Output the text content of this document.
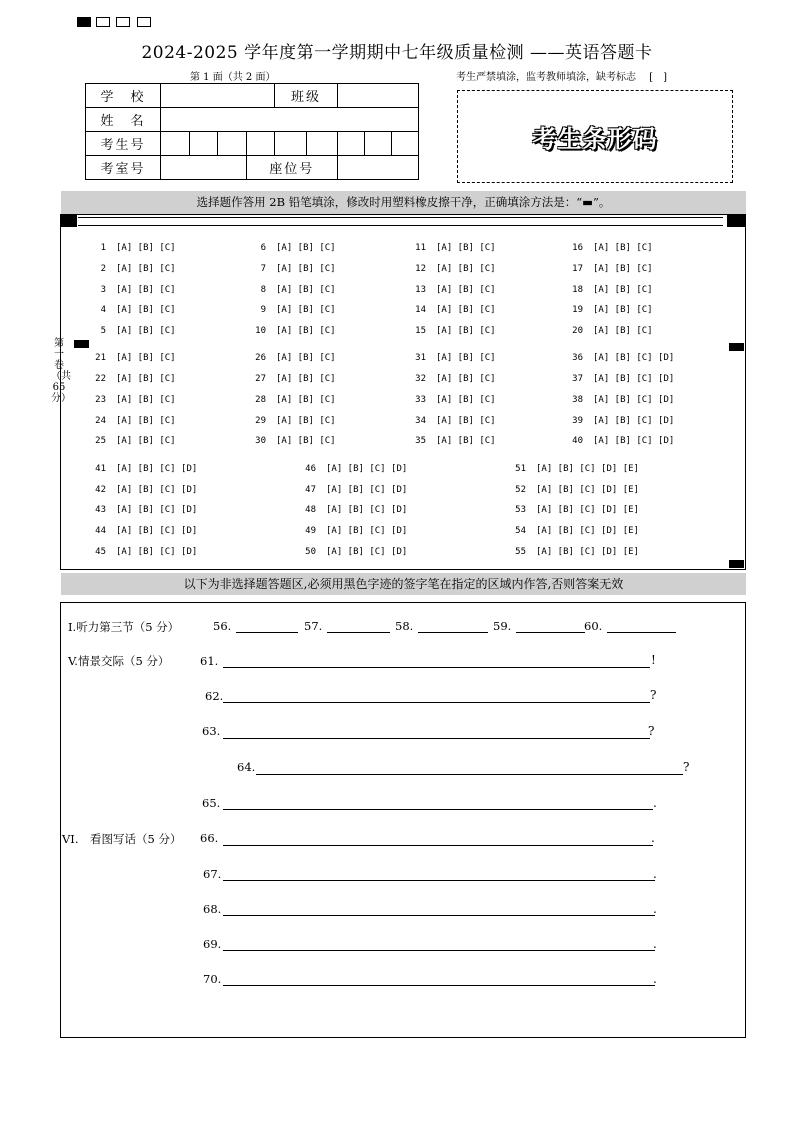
2024-2025 学年度第一学期期中七年级质量检测 ——英语答题卡
第 1 面（共 2 面）	考生严禁填涂，监考教师填涂，缺考标志　 [　]
学　校					班级				
姓　名									
考生号									
考室号				座位号					
考生条形码
选择题作答用 2B 铅笔填涂，修改时用塑料橡皮擦干净，正确填涂方法是：“▬”。
第一卷（共65分）
1 [A] [B] [C]
2 [A] [B] [C]
3 [A] [B] [C]
4 [A] [B] [C]
5 [A] [B] [C]
6 [A] [B] [C]
7 [A] [B] [C]
8 [A] [B] [C]
9 [A] [B] [C]
10 [A] [B] [C]
11 [A] [B] [C]
12 [A] [B] [C]
13 [A] [B] [C]
14 [A] [B] [C]
15 [A] [B] [C]
16 [A] [B] [C]
17 [A] [B] [C]
18 [A] [B] [C]
19 [A] [B] [C]
20 [A] [B] [C]
21 [A] [B] [C]
22 [A] [B] [C]
23 [A] [B] [C]
24 [A] [B] [C]
25 [A] [B] [C]
26 [A] [B] [C]
27 [A] [B] [C]
28 [A] [B] [C]
29 [A] [B] [C]
30 [A] [B] [C]
31 [A] [B] [C]
32 [A] [B] [C]
33 [A] [B] [C]
34 [A] [B] [C]
35 [A] [B] [C]
36 [A] [B] [C] [D]
37 [A] [B] [C] [D]
38 [A] [B] [C] [D]
39 [A] [B] [C] [D]
40 [A] [B] [C] [D]
41 [A] [B] [C] [D]
42 [A] [B] [C] [D]
43 [A] [B] [C] [D]
44 [A] [B] [C] [D]
45 [A] [B] [C] [D]
46 [A] [B] [C] [D]
47 [A] [B] [C] [D]
48 [A] [B] [C] [D]
49 [A] [B] [C] [D]
50 [A] [B] [C] [D]
51 [A] [B] [C] [D] [E]
52 [A] [B] [C] [D] [E]
53 [A] [B] [C] [D] [E]
54 [A] [B] [C] [D] [E]
55 [A] [B] [C] [D] [E]
以下为非选择题答题区,必须用黑色字迹的签字笔在指定的区域内作答,否则答案无效
I.听力第三节（5 分）	56.	57.	58.	59.	60.
V.情景交际（5 分）	61.	!
62.	?
63.	?
64.	?
65.	.
VI.　看图写话（5 分） 66.	.
67.	.
68.	.
69.	.
70.	.
